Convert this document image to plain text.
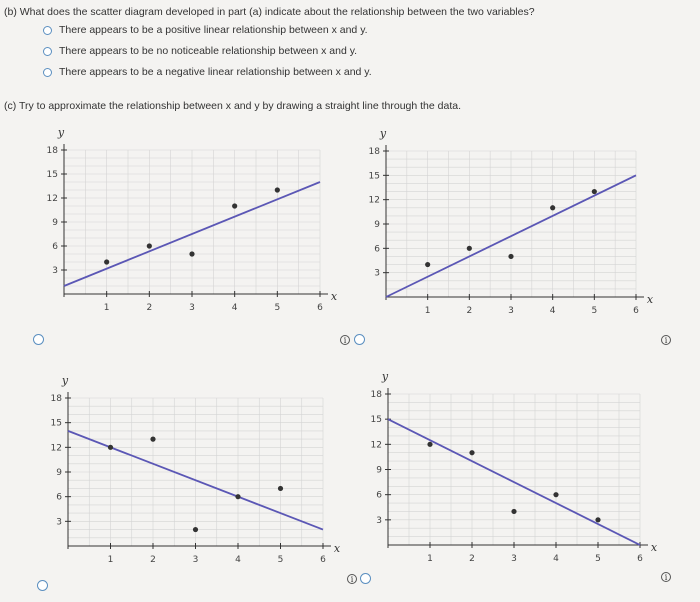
(b) What does the scatter diagram developed in part (a) indicate about the relationship between the two variables?
There appears to be a positive linear relationship between x and y.
There appears to be no noticeable relationship between x and y.
There appears to be a negative linear relationship between x and y.
(c) Try to approximate the relationship between x and y by drawing a straight line through the data.
3
6
9
12
15
18
1	2	3	4	5	6
x
y
3
6
9
12
15
18
1	2	3	4	5	6
x
y
3
6
9
12
15
18
1	2	3	4	5	6
x
y
3
6
9
12
15
18
1	2	3	4	5	6
x
y
i	i
i	i
